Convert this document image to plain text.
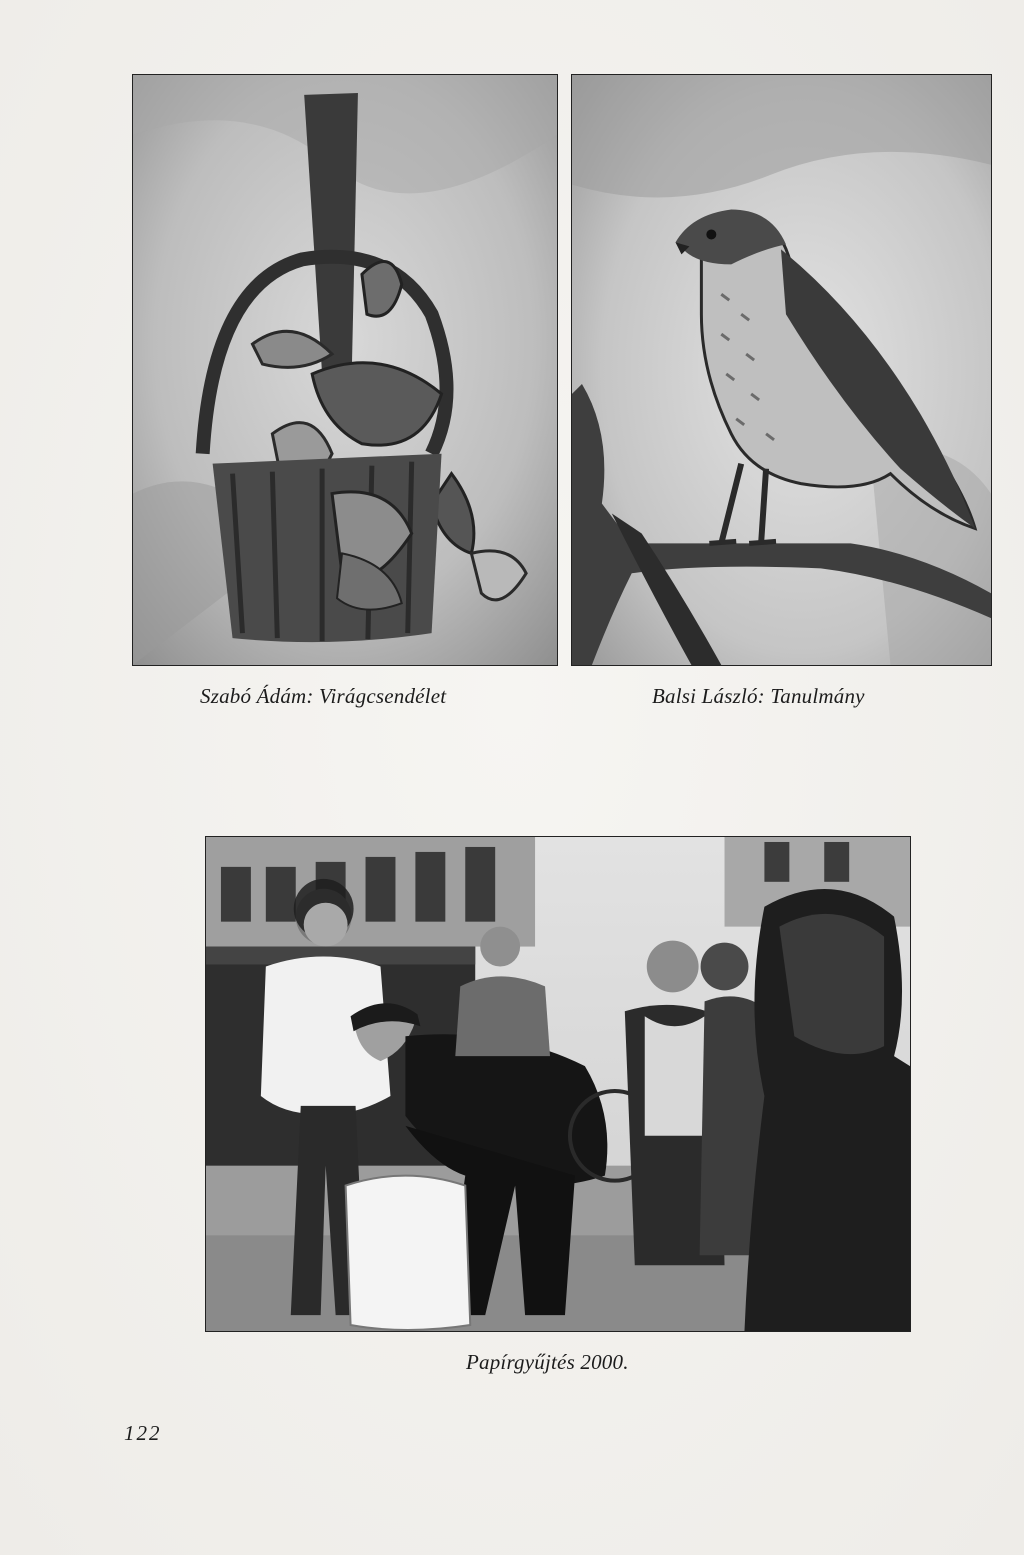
Szabó Ádám: Virágcsendélet	Balsi László: Tanulmány
Papírgyűjtés 2000.
122
